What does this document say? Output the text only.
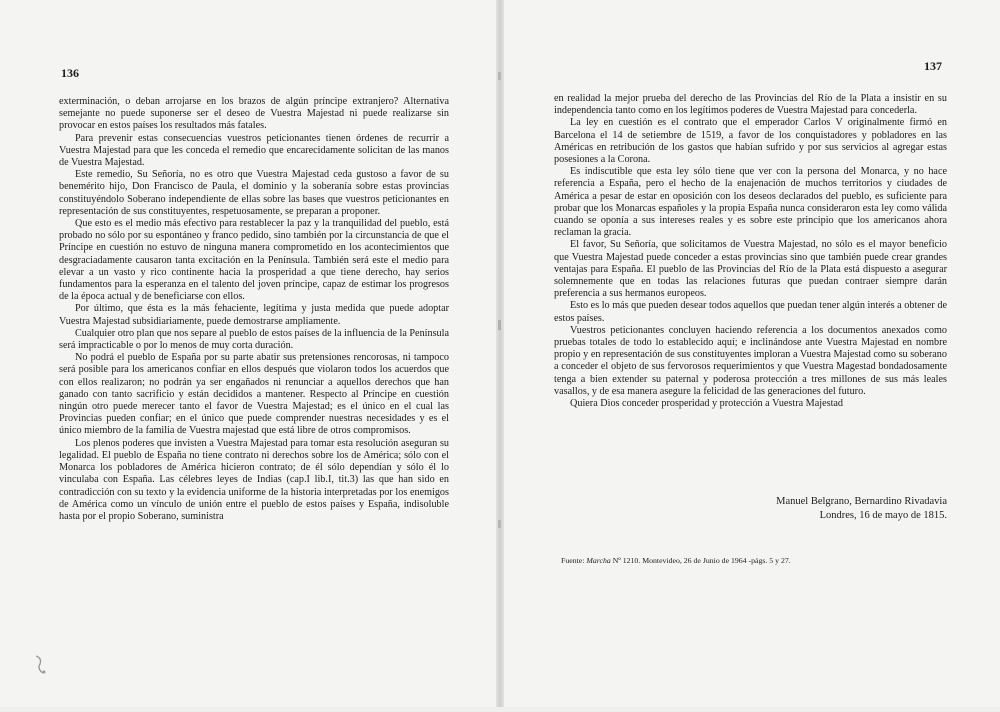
136

exterminación, o deban arrojarse en los brazos de algún príncipe extranjero? Alternativa semejante no puede suponerse ser el deseo de Vuestra Majestad ni puede realizarse sin provocar en estos países los resultados más fatales.

Para prevenir estas consecuencias vuestros peticionantes tienen órdenes de recurrir a Vuestra Majestad para que les conceda el remedio que encarecidamente solicitan de las manos de Vuestra Majestad.

Este remedio, Su Señoría, no es otro que Vuestra Majestad ceda gustoso a favor de su benemérito hijo, Don Francisco de Paula, el dominio y la soberanía sobre estas provincias constituyéndolo Soberano independiente de ellas sobre las bases que vuestros peticionantes en representación de sus constituyentes, respetuosamente, se preparan a proponer.

Que esto es el medio más efectivo para restablecer la paz y la tranquilidad del pueblo, está probado no sólo por su espontáneo y franco pedido, sino también por la circunstancia de que el Príncipe en cuestión no estuvo de ninguna manera comprometido en los acontecimientos que desgraciadamente causaron tanta excitación en la Península. También será este el medio para elevar a un vasto y rico continente hacia la prosperidad a que tiene derecho, hay serios fundamentos para la esperanza en el talento del joven príncipe, capaz de estimar los progresos de la época actual y de beneficiarse con ellos.

Por último, que ésta es la más fehaciente, legítima y justa medida que puede adoptar Vuestra Majestad subsidiariamente, puede demostrarse ampliamente.

Cualquier otro plan que nos separe al pueblo de estos países de la influencia de la Península será impracticable o por lo menos de muy corta duración.

No podrá el pueblo de España por su parte abatir sus pretensiones rencorosas, ni tampoco será posible para los americanos confiar en ellos después que violaron todos los acuerdos que con ellos realizaron; no podrán ya ser engañados ni renunciar a aquellos derechos que han ganado con tanto sacrificio y están decididos a mantener. Respecto al Príncipe en cuestión ningún otro puede merecer tanto el favor de Vuestra Majestad; es el único en el cual las Provincias pueden confiar; en el único que puede comprender nuestras necesidades y es el único miembro de la familia de Vuestra majestad que está libre de otros compromisos.

Los plenos poderes que invisten a Vuestra Majestad para tomar esta resolución aseguran su legalidad. El pueblo de España no tiene contrato ni derechos sobre los de América; sólo con el Monarca los pobladores de América hicieron contrato; de él sólo dependían y sólo él lo vinculaba con España. Las célebres leyes de Indias (cap.I lib.I, tit.3) las que han sido en contradicción con su texto y la evidencia uniforme de la historia interpretadas por los enemigos de América como un vínculo de unión entre el pueblo de estos países y España, indisoluble hasta por el propio Soberano, suministra

137

en realidad la mejor prueba del derecho de las Provincias del Río de la Plata a insistir en su independencia tanto como en los legítimos poderes de Vuestra Majestad para concederla.

La ley en cuestión es el contrato que el emperador Carlos V originalmente firmó en Barcelona el 14 de setiembre de 1519, a favor de los conquistadores y pobladores en las Américas en retribución de los gastos que habían sufrido y por sus servicios al agregar estas posesiones a la Corona.

Es indiscutible que esta ley sólo tiene que ver con la persona del Monarca, y no hace referencia a España, pero el hecho de la enajenación de muchos territorios y ciudades de América a pesar de estar en oposición con los deseos declarados del pueblo, es suficiente para probar que los Monarcas españoles y la propia España nunca consideraron esta ley como válida cuando se oponía a sus intereses reales y es sobre este principio que los americanos ahora reclaman la gracia.

El favor, Su Señoría, que solicitamos de Vuestra Majestad, no sólo es el mayor beneficio que Vuestra Majestad puede conceder a estas provincias sino que también puede crear grandes ventajas para España. El pueblo de las Provincias del Río de la Plata está dispuesto a asegurar solemnemente que en todas las relaciones futuras que puedan contraer siempre darán preferencia a sus hermanos europeos.

Esto es lo más que pueden desear todos aquellos que puedan tener algún interés a obtener de estos países.

Vuestros peticionantes concluyen haciendo referencia a los documentos anexados como pruebas totales de todo lo establecido aquí; e inclinándose ante Vuestra Majestad en nombre propio y en representación de sus constituyentes imploran a Vuestra Majestad como su soberano a conceder el objeto de sus fervorosos requerimientos y que Vuestra Magestad bondadosamente tenga a bien extender su paternal y poderosa protección a tres millones de sus más leales vasallos, y de esa manera asegure la felicidad de las generaciones del futuro.

Quiera Dios conceder prosperidad y protección a Vuestra Majestad

Manuel Belgrano, Bernardino Rivadavia
Londres, 16 de mayo de 1815.
Fuente: Marcha Nº 1210. Montevideo, 26 de Junio de 1964 -págs. 5 y 27.
